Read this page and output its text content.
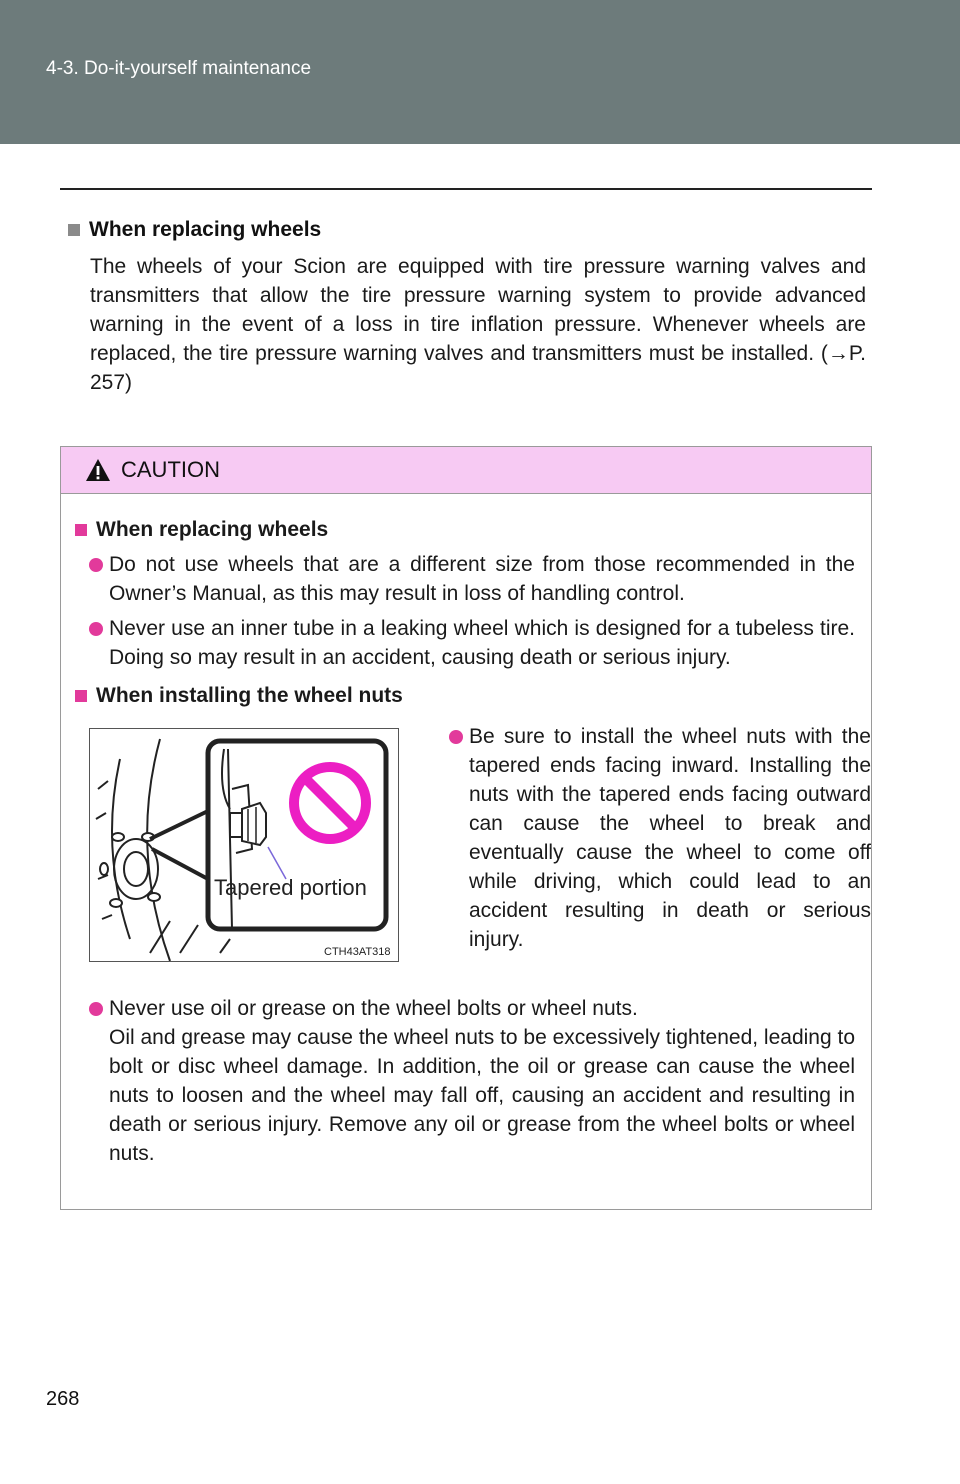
4-3. Do-it-yourself maintenance
When replacing wheels
The wheels of your Scion are equipped with tire pressure warning valves and transmitters that allow the tire pressure warning system to provide advanced warning in the event of a loss in tire inflation pressure. Whenever wheels are replaced, the tire pressure warning valves and transmitters must be installed. (→P. 257)
CAUTION
When replacing wheels
Do not use wheels that are a different size from those recommended in the Owner’s Manual, as this may result in loss of handling control.
Never use an inner tube in a leaking wheel which is designed for a tubeless tire. Doing so may result in an accident, causing death or serious injury.
When installing the wheel nuts
Tapered portion
CTH43AT318
Be sure to install the wheel nuts with the tapered ends facing inward. Installing the nuts with the tapered ends facing outward can cause the wheel to break and eventually cause the wheel to come off while driving, which could lead to an accident resulting in death or serious injury.
Never use oil or grease on the wheel bolts or wheel nuts.
Oil and grease may cause the wheel nuts to be excessively tightened, leading to bolt or disc wheel damage. In addition, the oil or grease can cause the wheel nuts to loosen and the wheel may fall off, causing an accident and resulting in death or serious injury. Remove any oil or grease from the wheel bolts or wheel nuts.
268
